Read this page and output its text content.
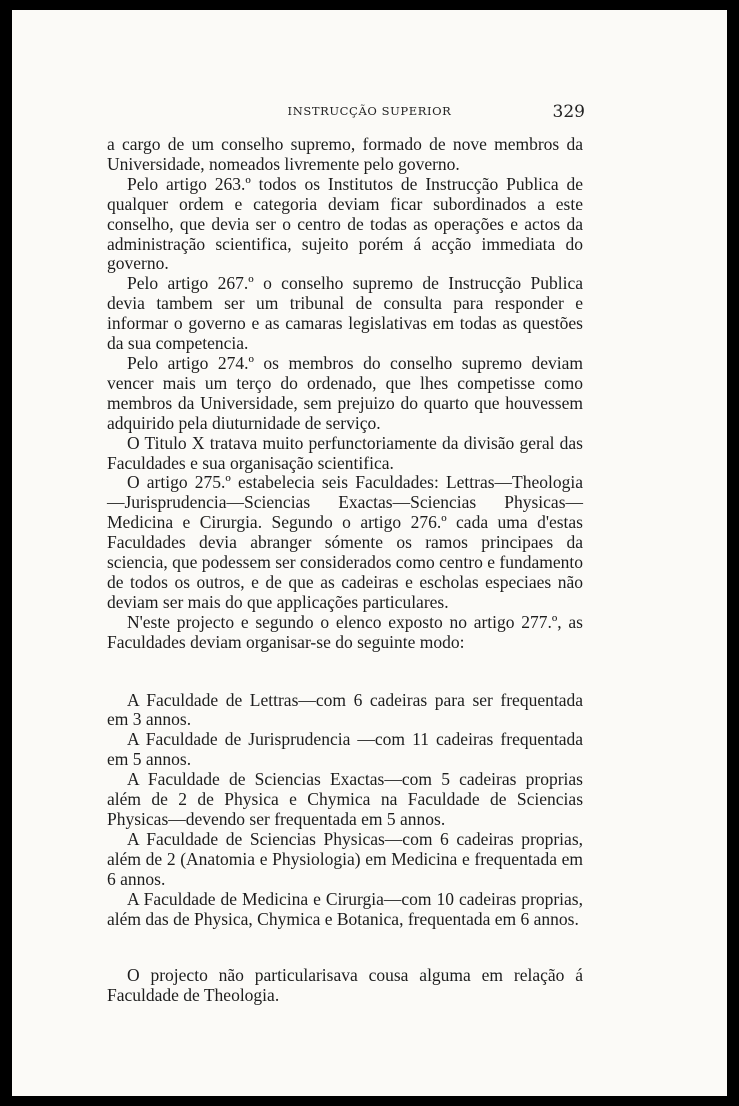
INSTRUCÇÃO SUPERIOR	329

a cargo de um conselho supremo, formado de nove membros da Universidade, nomeados livremente pelo governo.

Pelo artigo 263.º todos os Institutos de Instrucção Publica de qualquer ordem e categoria deviam ficar subordinados a este conselho, que devia ser o centro de todas as operações e actos da administração scientifica, sujeito porém á acção immediata do governo.

Pelo artigo 267.º o conselho supremo de Instrucção Publica devia tambem ser um tribunal de consulta para responder e informar o governo e as camaras legislativas em todas as questões da sua competencia.

Pelo artigo 274.º os membros do conselho supremo deviam vencer mais um terço do ordenado, que lhes competisse como membros da Universidade, sem prejuizo do quarto que houvessem adquirido pela diuturnidade de serviço.

O Titulo X tratava muito perfunctoriamente da divisão geral das Faculdades e sua organisação scientifica.

O artigo 275.º estabelecia seis Faculdades: Lettras—Theologia—Jurisprudencia—Sciencias Exactas—Sciencias Physicas—Medicina e Cirurgia. Segundo o artigo 276.º cada uma d'estas Faculdades devia abranger sómente os ramos principaes da sciencia, que podessem ser considerados como centro e fundamento de todos os outros, e de que as cadeiras e escholas especiaes não deviam ser mais do que applicações particulares.

N'este projecto e segundo o elenco exposto no artigo 277.º, as Faculdades deviam organisar-se do seguinte modo:

A Faculdade de Lettras—com 6 cadeiras para ser frequentada em 3 annos.

A Faculdade de Jurisprudencia —com 11 cadeiras frequentada em 5 annos.

A Faculdade de Sciencias Exactas—com 5 cadeiras proprias além de 2 de Physica e Chymica na Faculdade de Sciencias Physicas—devendo ser frequentada em 5 annos.

A Faculdade de Sciencias Physicas—com 6 cadeiras proprias, além de 2 (Anatomia e Physiologia) em Medicina e frequentada em 6 annos.

A Faculdade de Medicina e Cirurgia—com 10 cadeiras proprias, além das de Physica, Chymica e Botanica, frequentada em 6 annos.

O projecto não particularisava cousa alguma em relação á Faculdade de Theologia.
